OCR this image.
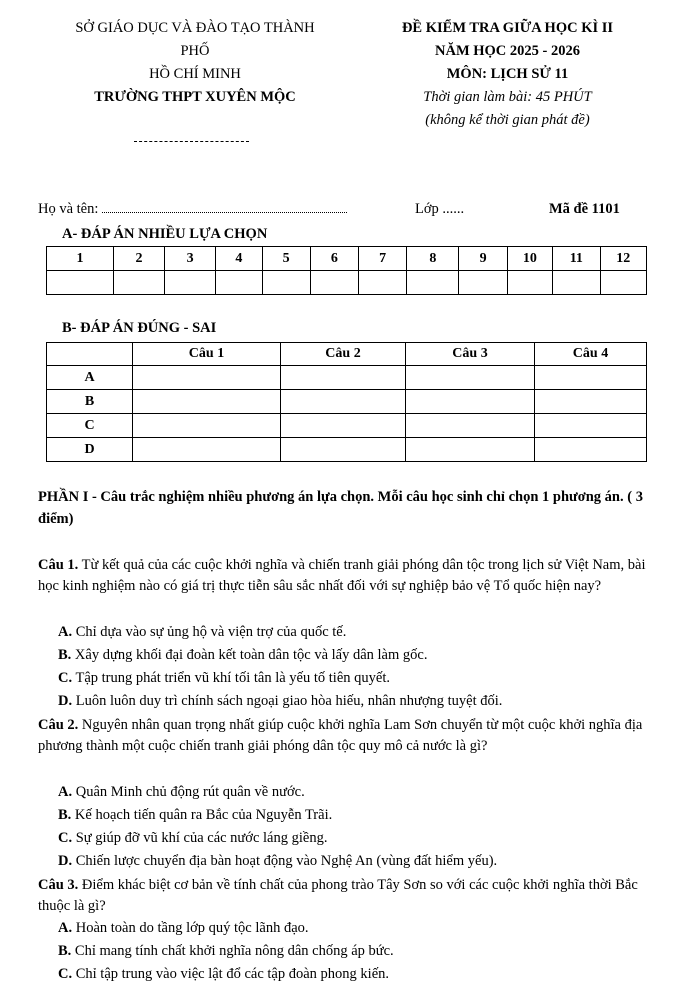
SỞ GIÁO DỤC VÀ ĐÀO TẠO THÀNH
PHỐ
HỒ CHÍ MINH
TRƯỜNG THPT XUYÊN MỘC
ĐỀ KIỂM TRA GIỮA HỌC KÌ II
NĂM HỌC 2025 - 2026
MÔN: LỊCH SỬ 11
Thời gian làm bài: 45 PHÚT
(không kể thời gian phát đề)
Họ và tên:	Lớp ......	Mã đề 1101
A- ĐÁP ÁN NHIỀU LỰA CHỌN
1	2	3	4	5	6	7	8	9	10	11	12

B- ĐÁP ÁN ĐÚNG - SAI
	Câu 1	Câu 2	Câu 3	Câu 4
A				
B				
C				
D				
PHẦN I - Câu trắc nghiệm nhiều phương án lựa chọn. Mỗi câu học sinh chỉ chọn 1 phương án. ( 3 điểm)
Câu 1. Từ kết quả của các cuộc khởi nghĩa và chiến tranh giải phóng dân tộc trong lịch sử Việt Nam, bài học kinh nghiệm nào có giá trị thực tiễn sâu sắc nhất đối với sự nghiệp bảo vệ Tổ quốc hiện nay?
A. Chỉ dựa vào sự ủng hộ và viện trợ của quốc tế.
B. Xây dựng khối đại đoàn kết toàn dân tộc và lấy dân làm gốc.
C. Tập trung phát triển vũ khí tối tân là yếu tố tiên quyết.
D. Luôn luôn duy trì chính sách ngoại giao hòa hiếu, nhân nhượng tuyệt đối.
Câu 2. Nguyên nhân quan trọng nhất giúp cuộc khởi nghĩa Lam Sơn chuyển từ một cuộc khởi nghĩa địa phương thành một cuộc chiến tranh giải phóng dân tộc quy mô cả nước là gì?
A. Quân Minh chủ động rút quân về nước.
B. Kế hoạch tiến quân ra Bắc của Nguyễn Trãi.
C. Sự giúp đỡ vũ khí của các nước láng giềng.
D. Chiến lược chuyển địa bàn hoạt động vào Nghệ An (vùng đất hiểm yếu).
Câu 3. Điểm khác biệt cơ bản về tính chất của phong trào Tây Sơn so với các cuộc khởi nghĩa thời Bắc thuộc là gì?
A. Hoàn toàn do tầng lớp quý tộc lãnh đạo.
B. Chỉ mang tính chất khởi nghĩa nông dân chống áp bức.
C. Chỉ tập trung vào việc lật đổ các tập đoàn phong kiến.
